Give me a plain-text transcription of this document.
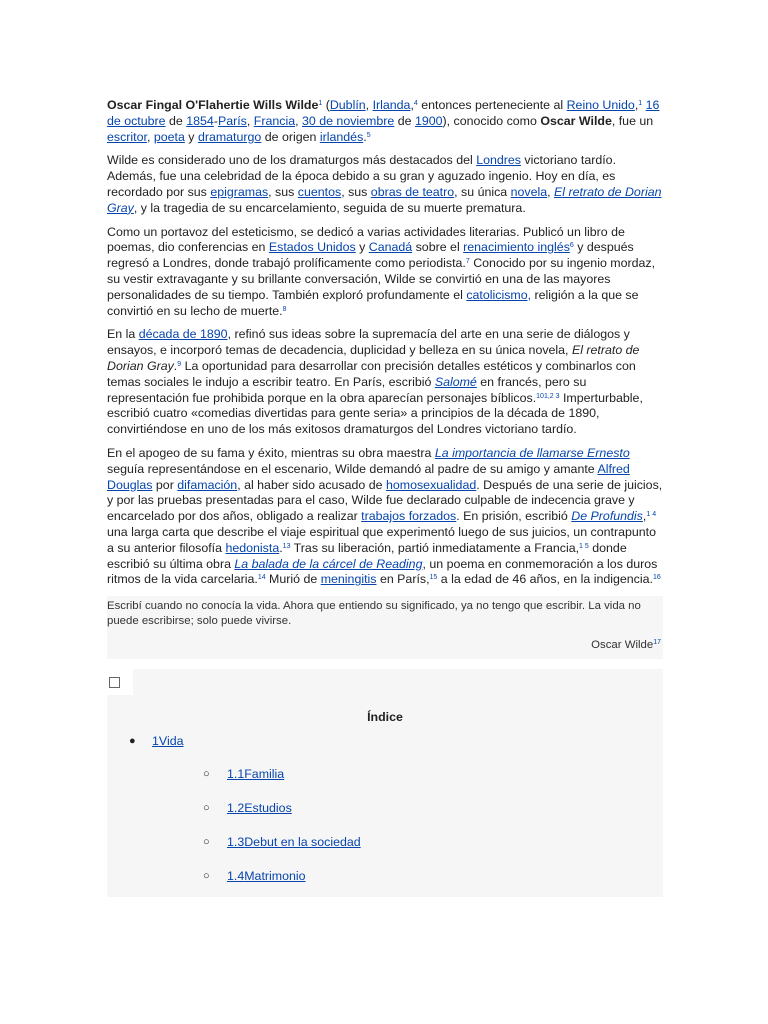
Oscar Fingal O'Flahertie Wills Wilde$^1$ (Dublín, Irlanda,$^4$ entonces perteneciente al Reino Unido,$^1$ 16 de octubre de 1854-París, Francia, 30 de noviembre de 1900), conocido como Oscar Wilde, fue un escritor, poeta y dramaturgo de origen irlandés.$^5$

Wilde es considerado uno de los dramaturgos más destacados del Londres victoriano tardío. Además, fue una celebridad de la época debido a su gran y aguzado ingenio. Hoy en día, es recordado por sus epigramas, sus cuentos, sus obras de teatro, su única novela, El retrato de Dorian Gray, y la tragedia de su encarcelamiento, seguida de su muerte prematura.

Como un portavoz del esteticismo, se dedicó a varias actividades literarias. Publicó un libro de poemas, dio conferencias en Estados Unidos y Canadá sobre el renacimiento inglés$^6$ y después regresó a Londres, donde trabajó prolíficamente como periodista.$^7$ Conocido por su ingenio mordaz, su vestir extravagante y su brillante conversación, Wilde se convirtió en una de las mayores personalidades de su tiempo. También exploró profundamente el catolicismo, religión a la que se convirtió en su lecho de muerte.$^8$

En la década de 1890, refinó sus ideas sobre la supremacía del arte en una serie de diálogos y ensayos, e incorporó temas de decadencia, duplicidad y belleza en su única novela, El retrato de Dorian Gray.$^9$ La oportunidad para desarrollar con precisión detalles estéticos y combinarlos con temas sociales le indujo a escribir teatro. En París, escribió Salomé en francés, pero su representación fue prohibida porque en la obra aparecían personajes bíblicos.$^{101,2 3}$ Imperturbable, escribió cuatro «comedias divertidas para gente seria» a principios de la década de 1890, convirtiéndose en uno de los más exitosos dramaturgos del Londres victoriano tardío.

En el apogeo de su fama y éxito, mientras su obra maestra La importancia de llamarse Ernesto seguía representándose en el escenario, Wilde demandó al padre de su amigo y amante Alfred Douglas por difamación, al haber sido acusado de homosexualidad. Después de una serie de juicios, y por las pruebas presentadas para el caso, Wilde fue declarado culpable de indecencia grave y encarcelado por dos años, obligado a realizar trabajos forzados. En prisión, escribió De Profundis,$^{1 4}$ una larga carta que describe el viaje espiritual que experimentó luego de sus juicios, un contrapunto a su anterior filosofía hedonista.$^{13}$ Tras su liberación, partió inmediatamente a Francia,$^{1 5}$ donde escribió su última obra La balada de la cárcel de Reading, un poema en conmemoración a los duros ritmos de la vida carcelaria.$^{14}$ Murió de meningitis en París,$^{15}$ a la edad de 46 años, en la indigencia.$^{16}$

Escribí cuando no conocía la vida. Ahora que entiendo su significado, ya no tengo que escribir. La vida no puede escribirse; solo puede vivirse.
Oscar Wilde$^{17}$
Índice
● 1Vida
○ 1.1Familia
○ 1.2Estudios
○ 1.3Debut en la sociedad
○ 1.4Matrimonio
